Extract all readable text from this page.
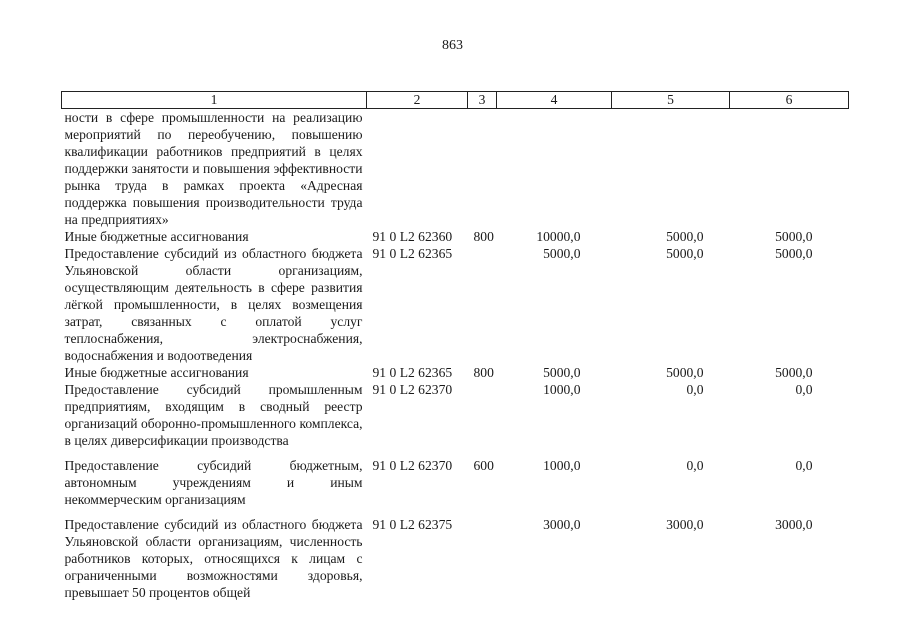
863
1	2	3	4	5	6
ности в сфере промышленности на реализацию мероприятий по переобучению, повышению квалификации работников предприятий в целях поддержки занятости и повышения эффективности рынка труда в рамках проекта «Адресная поддержка повышения производительности труда на предприятиях»					
Иные бюджетные ассигнования	91 0 L2 62360	800	10000,0	5000,0	5000,0
Предоставление субсидий из областного бюджета Ульяновской области организациям, осуществляющим деятельность в сфере развития лёгкой промышленности, в целях возмещения затрат, связанных с оплатой услуг теплоснабжения, электроснабжения, водоснабжения и водоотведения	91 0 L2 62365		5000,0	5000,0	5000,0
Иные бюджетные ассигнования	91 0 L2 62365	800	5000,0	5000,0	5000,0
Предоставление субсидий промышленным предприятиям, входящим в сводный реестр организаций оборонно-промышленного комплекса, в целях диверсификации производства	91 0 L2 62370		1000,0	0,0	0,0
Предоставление субсидий бюджетным, автономным учреждениям и иным некоммерческим организациям	91 0 L2 62370	600	1000,0	0,0	0,0
Предоставление субсидий из областного бюджета Ульяновской области организациям, численность работников которых, относящихся к лицам с ограниченными возможностями здоровья, превышает 50 процентов общей	91 0 L2 62375		3000,0	3000,0	3000,0
